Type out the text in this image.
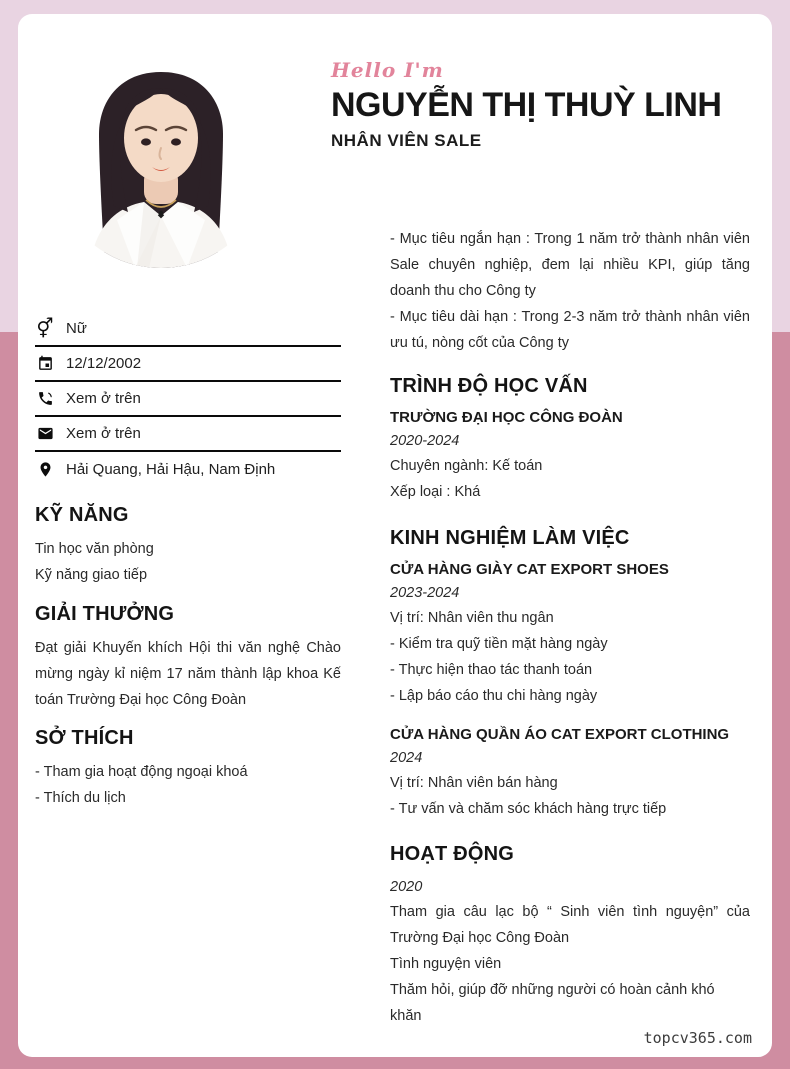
Hello I'm
NGUYỄN THỊ THUỲ LINH
NHÂN VIÊN SALE
- Mục tiêu ngắn hạn : Trong 1 năm trở thành nhân viên Sale chuyên nghiệp, đem lại nhiều KPI, giúp tăng doanh thu cho Công ty
- Mục tiêu dài hạn : Trong 2-3 năm trở thành nhân viên ưu tú, nòng cốt của Công ty
⚥ Nữ
12/12/2002
Xem ở trên
Xem ở trên
Hải Quang, Hải Hậu, Nam Định
KỸ NĂNG
Tin học văn phòng
Kỹ năng giao tiếp
GIẢI THƯỞNG
Đạt giải Khuyến khích Hội thi văn nghệ Chào mừng ngày kỉ niệm 17 năm thành lập khoa Kế toán Trường Đại học Công Đoàn
SỞ THÍCH
- Tham gia hoạt động ngoại khoá
- Thích du lịch
TRÌNH ĐỘ HỌC VẤN
TRƯỜNG ĐẠI HỌC CÔNG ĐOÀN
2020-2024
Chuyên ngành: Kế toán
Xếp loại : Khá
KINH NGHIỆM LÀM VIỆC
CỬA HÀNG GIÀY CAT EXPORT SHOES
2023-2024
Vị trí: Nhân viên thu ngân
- Kiểm tra quỹ tiền mặt hàng ngày
- Thực hiện thao tác thanh toán
- Lập báo cáo thu chi hàng ngày
CỬA HÀNG QUẦN ÁO CAT EXPORT CLOTHING
2024
Vị trí: Nhân viên bán hàng
- Tư vấn và chăm sóc khách hàng trực tiếp
HOẠT ĐỘNG
2020
Tham gia câu lạc bộ “ Sinh viên tình nguyện” của Trường Đại học Công Đoàn
Tình nguyện viên
Thăm hỏi, giúp đỡ những người có hoàn cảnh khó khăn
topcv365.com
